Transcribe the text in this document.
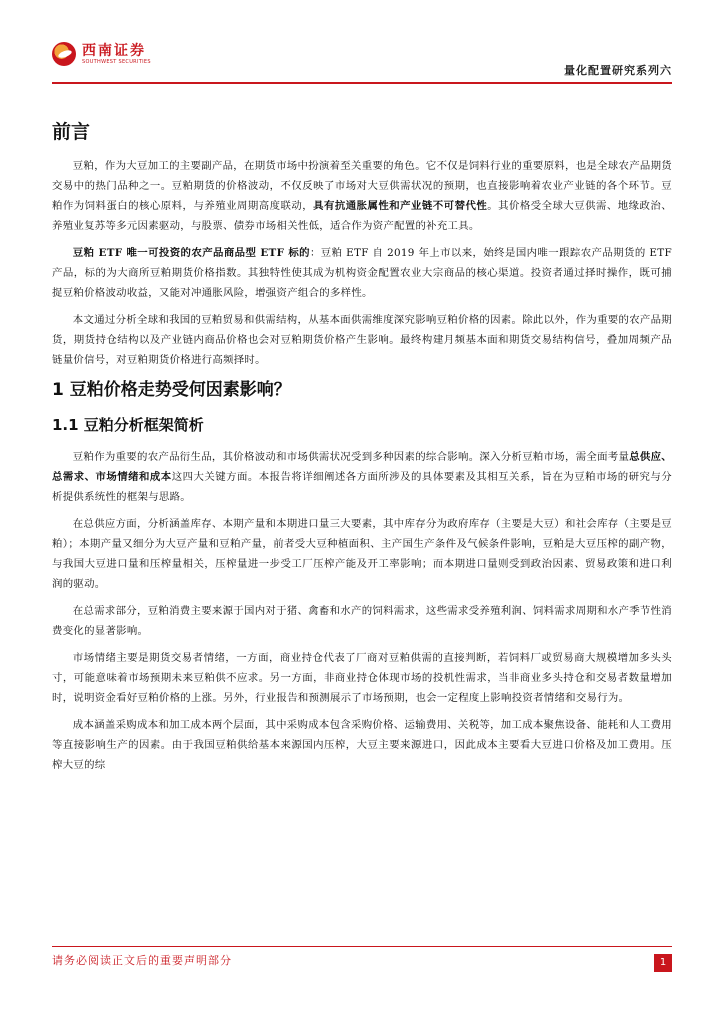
西南证券
SOUTHWEST SECURITIES
量化配置研究系列六
前言

豆粕，作为大豆加工的主要副产品，在期货市场中扮演着至关重要的角色。它不仅是饲料行业的重要原料，也是全球农产品期货交易中的热门品种之一。豆粕期货的价格波动，不仅反映了市场对大豆供需状况的预期，也直接影响着农业产业链的各个环节。豆粕作为饲料蛋白的核心原料，与养殖业周期高度联动，具有抗通胀属性和产业链不可替代性。其价格受全球大豆供需、地缘政治、养殖业复苏等多元因素驱动，与股票、债券市场相关性低，适合作为资产配置的补充工具。

豆粕 ETF 唯一可投资的农产品商品型 ETF 标的：豆粕 ETF 自 2019 年上市以来，始终是国内唯一跟踪农产品期货的 ETF 产品，标的为大商所豆粕期货价格指数。其独特性使其成为机构资金配置农业大宗商品的核心渠道。投资者通过择时操作，既可捕捉豆粕价格波动收益，又能对冲通胀风险，增强资产组合的多样性。

本文通过分析全球和我国的豆粕贸易和供需结构，从基本面供需维度深究影响豆粕价格的因素。除此以外，作为重要的农产品期货，期货持仓结构以及产业链内商品价格也会对豆粕期货价格产生影响。最终构建月频基本面和期货交易结构信号，叠加周频产品链量价信号，对豆粕期货价格进行高频择时。

1 豆粕价格走势受何因素影响？
1.1 豆粕分析框架简析

豆粕作为重要的农产品衍生品，其价格波动和市场供需状况受到多种因素的综合影响。深入分析豆粕市场，需全面考量总供应、总需求、市场情绪和成本这四大关键方面。本报告将详细阐述各方面所涉及的具体要素及其相互关系，旨在为豆粕市场的研究与分析提供系统性的框架与思路。

在总供应方面，分析涵盖库存、本期产量和本期进口量三大要素，其中库存分为政府库存（主要是大豆）和社会库存（主要是豆粕）；本期产量又细分为大豆产量和豆粕产量，前者受大豆种植面积、主产国生产条件及气候条件影响，豆粕是大豆压榨的副产物，与我国大豆进口量和压榨量相关，压榨量进一步受工厂压榨产能及开工率影响；而本期进口量则受到政治因素、贸易政策和进口利润的驱动。

在总需求部分，豆粕消费主要来源于国内对于猪、禽畜和水产的饲料需求，这些需求受养殖利润、饲料需求周期和水产季节性消费变化的显著影响。

市场情绪主要是期货交易者情绪，一方面，商业持仓代表了厂商对豆粕供需的直接判断，若饲料厂或贸易商大规模增加多头头寸，可能意味着市场预期未来豆粕供不应求。另一方面，非商业持仓体现市场的投机性需求，当非商业多头持仓和交易者数量增加时，说明资金看好豆粕价格的上涨。另外，行业报告和预测展示了市场预期，也会一定程度上影响投资者情绪和交易行为。

成本涵盖采购成本和加工成本两个层面，其中采购成本包含采购价格、运输费用、关税等，加工成本聚焦设备、能耗和人工费用等直接影响生产的因素。由于我国豆粕供给基本来源国内压榨，大豆主要来源进口，因此成本主要看大豆进口价格及加工费用。压榨大豆的综

请务必阅读正文后的重要声明部分	1
